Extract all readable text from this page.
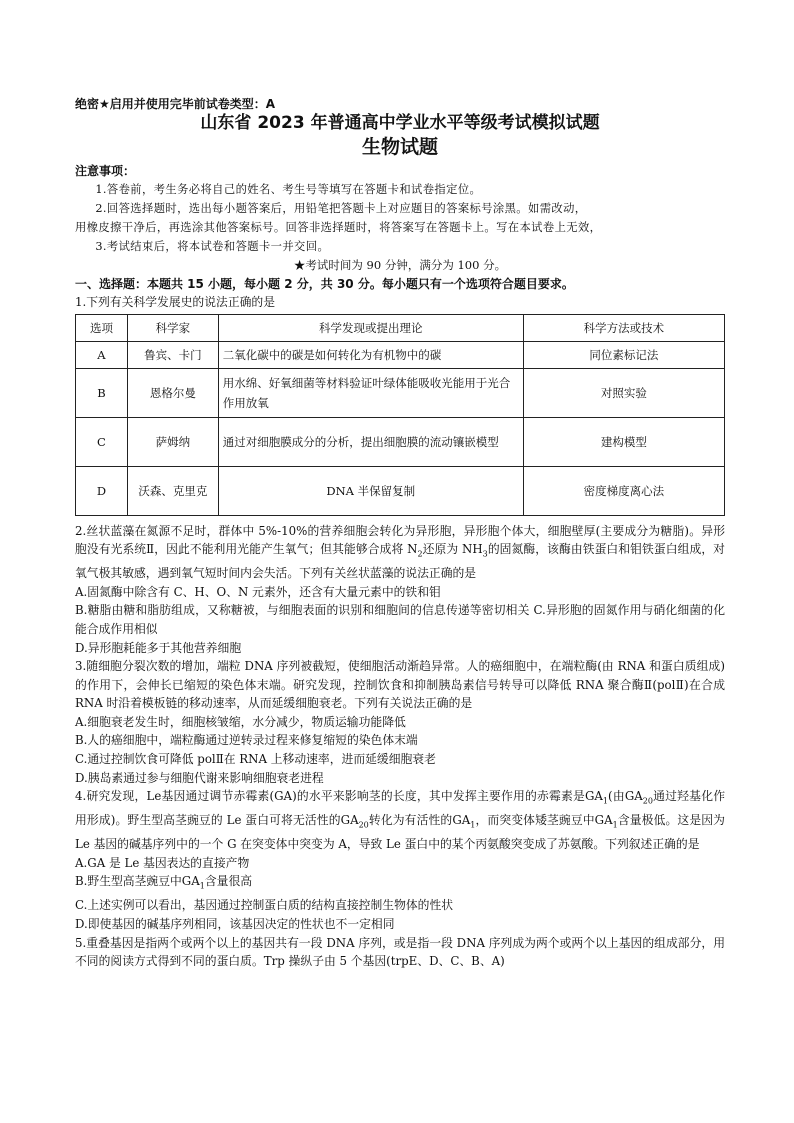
绝密★启用并使用完毕前试卷类型：A
山东省 2023 年普通高中学业水平等级考试模拟试题
生物试题
注意事项：
1.答卷前，考生务必将自己的姓名、考生号等填写在答题卡和试卷指定位。
2.回答选择题时，选出每小题答案后，用铅笔把答题卡上对应题目的答案标号涂黑。如需改动，
用橡皮擦干净后，再选涂其他答案标号。回答非选择题时，将答案写在答题卡上。写在本试卷上无效，
3.考试结束后，将本试卷和答题卡一并交回。
★考试时间为 90 分钟，满分为 100 分。
一、选择题：本题共 15 小题，每小题 2 分，共 30 分。每小题只有一个选项符合题目要求。

1.下列有关科学发展史的说法正确的是

选项	科学家	科学发现或提出理论	科学方法或技术
A	鲁宾、卡门	二氧化碳中的碳是如何转化为有机物中的碳	同位素标记法
B	恩格尔曼	用水绵、好氧细菌等材料验证叶绿体能吸收光能用于光合作用放氧	对照实验
C	萨姆纳	通过对细胞膜成分的分析，提出细胞膜的流动镶嵌模型	建构模型
D	沃森、克里克	DNA 半保留复制	密度梯度离心法

2.丝状蓝藻在氮源不足时，群体中 5%-10%的营养细胞会转化为异形胞，异形胞个体大，细胞壁厚(主要成分为糖脂)。异形胞没有光系统Ⅱ，因此不能利用光能产生氧气；但其能够合成将 $N_2$还原为 $NH_3$的固氮酶，该酶由铁蛋白和钼铁蛋白组成，对氧气极其敏感，遇到氧气短时间内会失活。下列有关丝状蓝藻的说法正确的是

A.固氮酶中除含有 C、H、O、N 元素外，还含有大量元素中的铁和钼

B.糖脂由糖和脂肪组成，又称糖被，与细胞表面的识别和细胞间的信息传递等密切相关 C.异形胞的固氮作用与硝化细菌的化能合成作用相似

D.异形胞耗能多于其他营养细胞

3.随细胞分裂次数的增加，端粒 DNA 序列被截短，使细胞活动渐趋异常。人的癌细胞中，在端粒酶(由 RNA 和蛋白质组成)的作用下，会伸长已缩短的染色体末端。研究发现，控制饮食和抑制胰岛素信号转导可以降低 RNA 聚合酶Ⅱ(polⅡ)在合成 RNA 时沿着模板链的移动速率，从而延缓细胞衰老。下列有关说法正确的是

A.细胞衰老发生时，细胞核皱缩，水分减少，物质运输功能降低

B.人的癌细胞中，端粒酶通过逆转录过程来修复缩短的染色体末端

C.通过控制饮食可降低 polⅡ在 RNA 上移动速率，进而延缓细胞衰老

D.胰岛素通过参与细胞代谢来影响细胞衰老进程

4.研究发现，Le基因通过调节赤霉素(GA)的水平来影响茎的长度，其中发挥主要作用的赤霉素是$GA_1$(由$GA_{20}$通过羟基化作用形成)。野生型高茎豌豆的 Le 蛋白可将无活性的$GA_{20}$转化为有活性的$GA_1$，而突变体矮茎豌豆中$GA_1$含量极低。这是因为 Le 基因的碱基序列中的一个 G 在突变体中突变为 A，导致 Le 蛋白中的某个丙氨酸突变成了苏氨酸。下列叙述正确的是

A.GA 是 Le 基因表达的直接产物

B.野生型高茎豌豆中$GA_1$含量很高

C.上述实例可以看出，基因通过控制蛋白质的结构直接控制生物体的性状

D.即使基因的碱基序列相同，该基因决定的性状也不一定相同

5.重叠基因是指两个或两个以上的基因共有一段 DNA 序列，或是指一段 DNA 序列成为两个或两个以上基因的组成部分，用不同的阅读方式得到不同的蛋白质。Trp 操纵子由 5 个基因(trpE、D、C、B、A)
